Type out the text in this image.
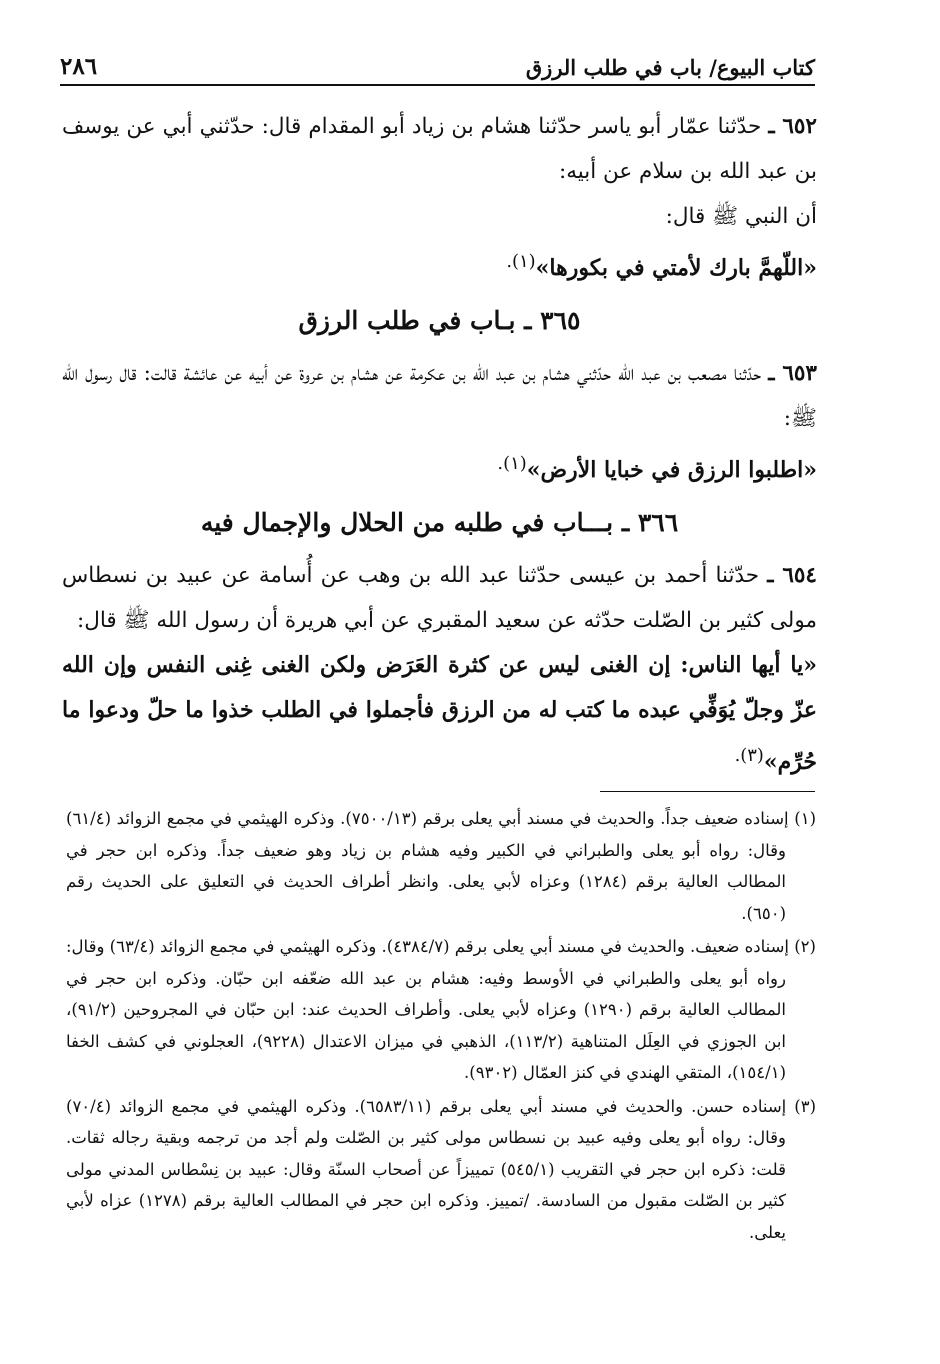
كتاب البيوع/ باب في طلب الرزق
٢٨٦

٦٥٢ ـ حدّثنا عمّار أبو ياسر حدّثنا هشام بن زياد أبو المقدام قال: حدّثني أبي عن يوسف بن عبد الله بن سلام عن أبيه:

أن النبي ﷺ قال:

«اللّهمَّ بارك لأمتي في بكورها»$^{(١).}$

٣٦٥ ـ بـاب في طلب الرزق

٦٥٣ ـ حدّثنا مصعب بن عبد الله حدّثني هشام بن عبد الله بن عكرمة عن هشام بن عروة عن أبيه عن عائشة قالت: قال رسول الله ﷺ:

«اطلبوا الرزق في خبايا الأرض»$^{(١).}$

٣٦٦ ـ بـــاب في طلبه من الحلال والإجمال فيه

٦٥٤ ـ حدّثنا أحمد بن عيسى حدّثنا عبد الله بن وهب عن أُسامة عن عبيد بن نسطاس مولى كثير بن الصّلت حدّثه عن سعيد المقبري عن أبي هريرة أن رسول الله ﷺ قال:

«يا أيها الناس: إن الغنى ليس عن كثرة العَرَض ولكن الغنى غِنى النفس وإن الله عزّ وجلّ يُوَفِّي عبده ما كتب له من الرزق فأجملوا في الطلب خذوا ما حلّ ودعوا ما حُرِّم»$^{(٣).}$

(١) إسناده ضعيف جداً. والحديث في مسند أبي يعلى برقم (٧٥٠٠/١٣). وذكره الهيثمي في مجمع الزوائد (٦١/٤) وقال: رواه أبو يعلى والطبراني في الكبير وفيه هشام بن زياد وهو ضعيف جداً. وذكره ابن حجر في المطالب العالية برقم (١٢٨٤) وعزاه لأبي يعلى. وانظر أطراف الحديث في التعليق على الحديث رقم (٦٥٠).

(٢) إسناده ضعيف. والحديث في مسند أبي يعلى برقم (٤٣٨٤/٧). وذكره الهيثمي في مجمع الزوائد (٦٣/٤) وقال: رواه أبو يعلى والطبراني في الأوسط وفيه: هشام بن عبد الله ضعّفه ابن حبّان. وذكره ابن حجر في المطالب العالية برقم (١٢٩٠) وعزاه لأبي يعلى. وأطراف الحديث عند: ابن حبّان في المجروحين (٩١/٢)، ابن الجوزي في العِلَل المتناهية (١١٣/٢)، الذهبي في ميزان الاعتدال (٩٢٢٨)، العجلوني في كشف الخفا (١٥٤/١)، المتقي الهندي في كنز العمّال (٩٣٠٢).

(٣) إسناده حسن. والحديث في مسند أبي يعلى برقم (٦٥٨٣/١١). وذكره الهيثمي في مجمع الزوائد (٧٠/٤) وقال: رواه أبو يعلى وفيه عبيد بن نسطاس مولى كثير بن الصّلت ولم أجد من ترجمه وبقية رجاله ثقات. قلت: ذكره ابن حجر في التقريب (٥٤٥/١) تمييزاً عن أصحاب السنّة وقال: عبيد بن نِسْطاس المدني مولى كثير بن الصّلت مقبول من السادسة. /تمييز. وذكره ابن حجر في المطالب العالية برقم (١٢٧٨) عزاه لأبي يعلى.
